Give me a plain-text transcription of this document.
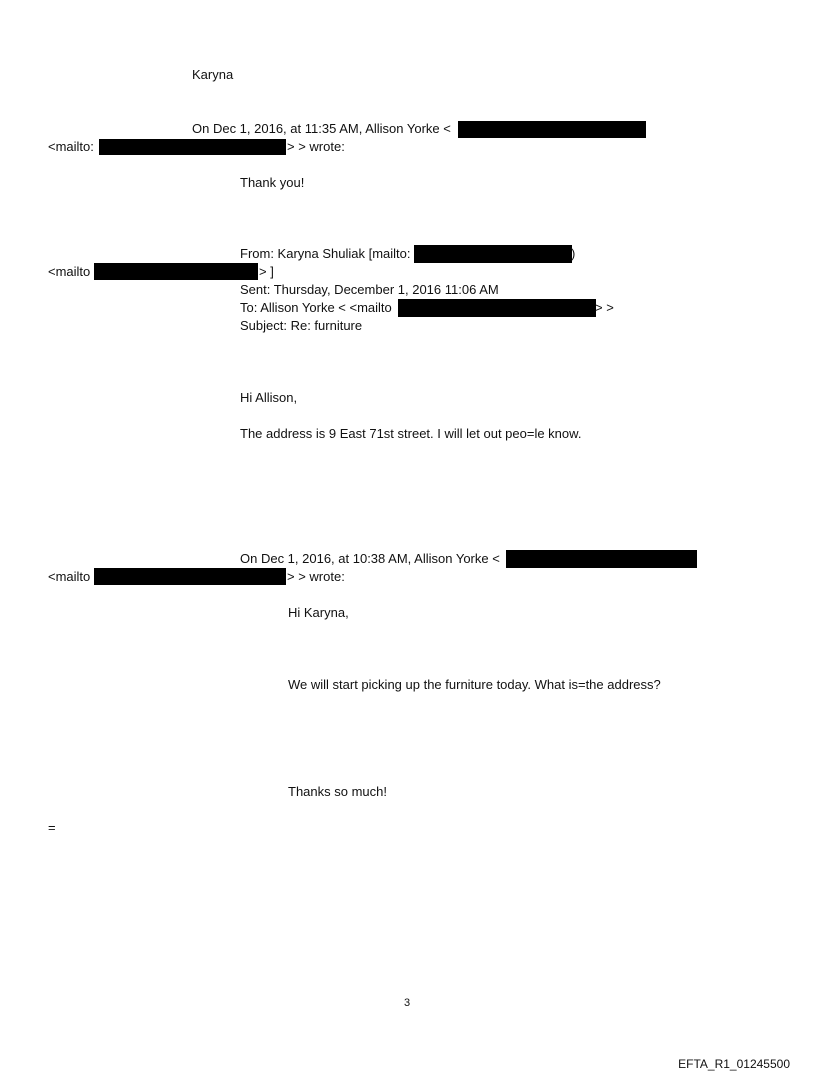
Karyna
On Dec 1, 2016, at 11:35 AM, Allison Yorke <
<mailto:	> > wrote:
Thank you!
From: Karyna Shuliak [mailto:	)
<mailto	> ]
Sent: Thursday, December 1, 2016 11:06 AM
To: Allison Yorke < <mailto	> >
Subject: Re: furniture
Hi Allison,
The address is 9 East 71st street. I will let out peo=le know.
On Dec 1, 2016, at 10:38 AM, Allison Yorke <
<mailto	> > wrote:
Hi Karyna,
We will start picking up the furniture today. What is=the address?
Thanks so much!
=
3
EFTA_R1_01245500
